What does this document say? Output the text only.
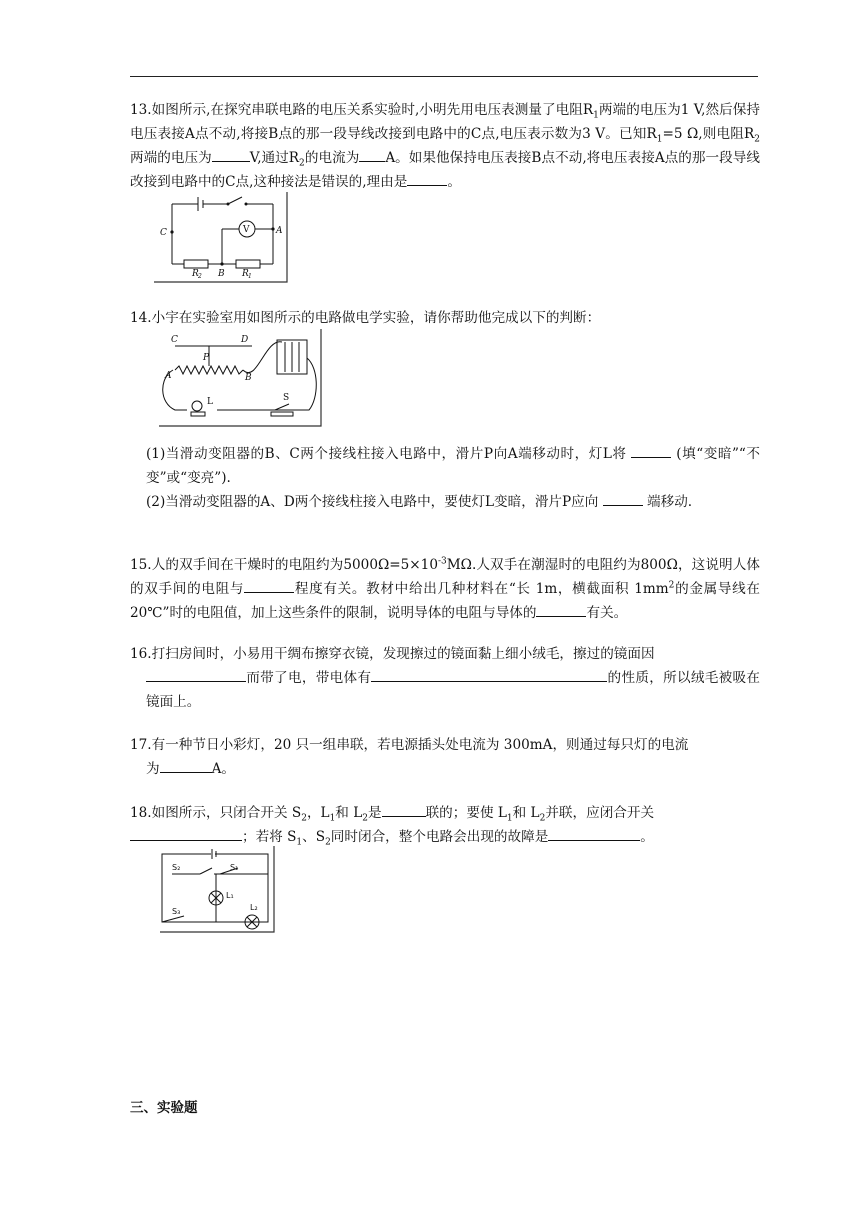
13.如图所示,在探究串联电路的电压关系实验时,小明先用电压表测量了电阻$R_1$两端的电压为1 V,然后保持电压表接A点不动,将接B点的那一段导线改接到电路中的C点,电压表示数为3 V。已知$R_1=5$ Ω,则电阻$R_2$两端的电压为	V,通过$R_2$的电流为 A。如果他保持电压表接B点不动,将电压表接A点的那一段导线改接到电路中的C点,这种接法是错误的,理由是	。
V
C	A
B
R 2	R 1
14.小宇在实验室用如图所示的电路做电学实验，请你帮助他完成以下的判断：
C	D
P
A	B
L	S
(1)当滑动变阻器的B、C两个接线柱接入电路中，滑片P向A端移动时，灯L将	(填“变暗”“不变”或“变亮”).
(2)当滑动变阻器的A、D两个接线柱接入电路中，要使灯L变暗，滑片P应向	端移动.
15.人的双手间在干燥时的电阻约为$5000\Omega=5\times 10^{-3}M\Omega$.人双手在潮湿时的电阻约为800Ω，这说明人体的双手间的电阻与	程度有关。教材中给出几种材料在“长 1m，横截面积 $1mm^2$的金属导线在 20℃”时的电阻值，加上这些条件的限制，说明导体的电阻与导体的	有关。
16.打扫房间时，小易用干绸布擦穿衣镜，发现擦过的镜面黏上细小绒毛，擦过的镜面因
而带了电，带电体有	的性质，所以绒毛被吸在镜面上。
17.有一种节日小彩灯，20 只一组串联，若电源插头处电流为 300mA，则通过每只灯的电流
为	A。
18.如图所示，只闭合开关 $S_2$，$L_1$和 $L_2$是	联的；要使 $L_1$和 $L_2$并联，应闭合开关
；若将 $S_1$、$S_2$同时闭合，整个电路会出现的故障是	。
S₂	S₁
L₁
S₃	L₂
三、实验题
